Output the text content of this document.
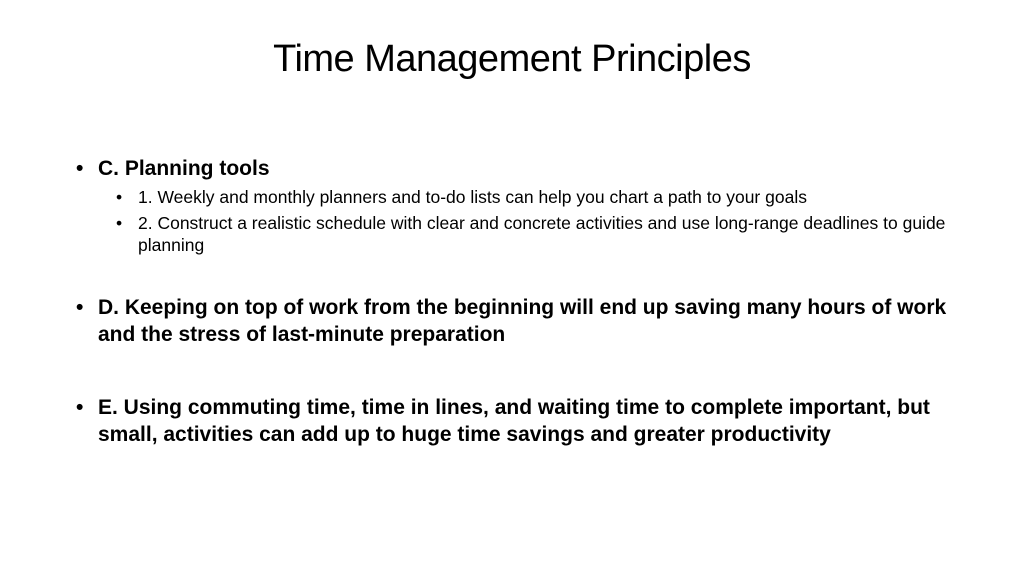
Time Management Principles
• C. Planning tools
• 1. Weekly and monthly planners and to-do lists can help you chart a path to your goals
• 2. Construct a realistic schedule with clear and concrete activities and use long-range deadlines to guide planning
• D. Keeping on top of work from the beginning will end up saving many hours of work and the stress of last-minute preparation
• E. Using commuting time, time in lines, and waiting time to complete important, but small, activities can add up to huge time savings and greater productivity
